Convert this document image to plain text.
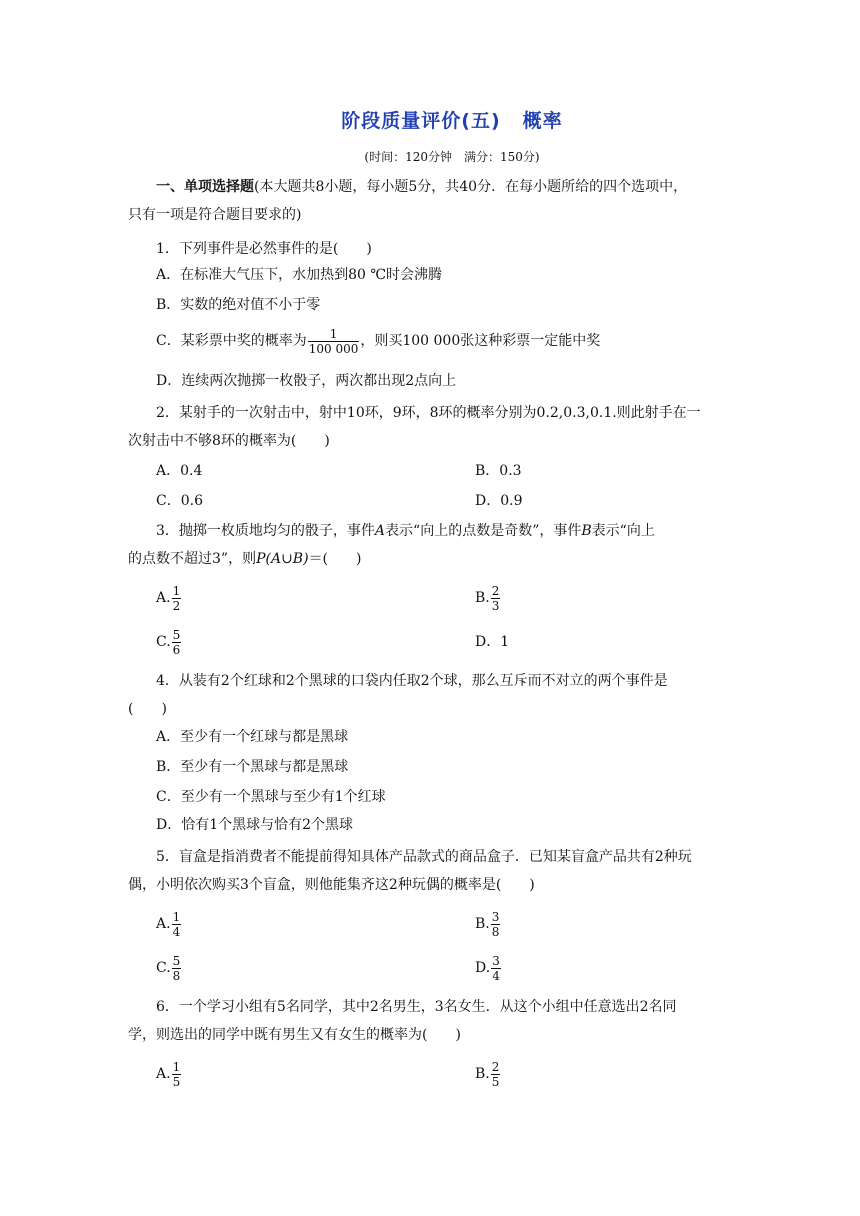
阶段质量评价(五) 概率
(时间：120分钟　满分：150分)
一、单项选择题(本大题共8小题，每小题5分，共40分．在每小题所给的四个选项中，
只有一项是符合题目要求的)
1．下列事件是必然事件的是(　　)
A．在标准大气压下，水加热到80 ℃时会沸腾
B．实数的绝对值不小于零
C．某彩票中奖的概率为 $\frac{1}{100 000}$ ，则买100 000张这种彩票一定能中奖
D．连续两次抛掷一枚骰子，两次都出现2点向上
2．某射手的一次射击中，射中10环，9环，8环的概率分别为0.2,0.3,0.1.则此射手在一
次射击中不够8环的概率为(　　)
A．0.4	B．0.3
C．0.6	D．0.9
3．抛掷一枚质地均匀的骰子，事件A表示“向上的点数是奇数”，事件B表示“向上
的点数不超过3”，则P(A∪B)＝(　　)
A. $\frac{1}{2}$	B. $\frac{2}{3}$
C. $\frac{5}{6}$	D．1
4．从装有2个红球和2个黑球的口袋内任取2个球，那么互斥而不对立的两个事件是
(　　)
A．至少有一个红球与都是黑球
B．至少有一个黑球与都是黑球
C．至少有一个黑球与至少有1个红球
D．恰有1个黑球与恰有2个黑球
5．盲盒是指消费者不能提前得知具体产品款式的商品盒子．已知某盲盒产品共有2种玩
偶，小明依次购买3个盲盒，则他能集齐这2种玩偶的概率是(　　)
A. $\frac{1}{4}$	B. $\frac{3}{8}$
C. $\frac{5}{8}$	D. $\frac{3}{4}$
6．一个学习小组有5名同学，其中2名男生，3名女生．从这个小组中任意选出2名同
学，则选出的同学中既有男生又有女生的概率为(　　)
A. $\frac{1}{5}$	B. $\frac{2}{5}$
